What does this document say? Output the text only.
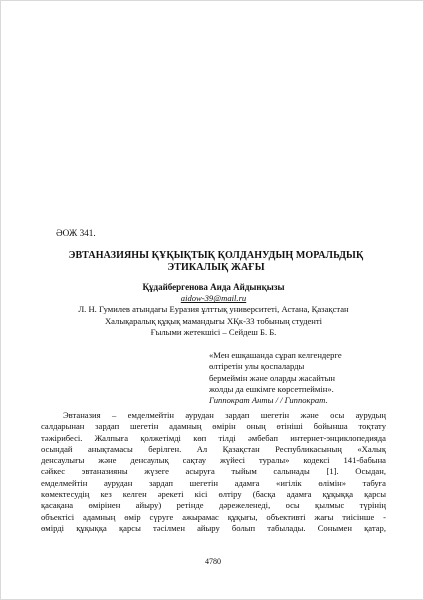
ӘОЖ 341.
ЭВТАНАЗИЯНЫ ҚҰҚЫҚТЫҚ ҚОЛДАНУДЫҢ МОРАЛЬДЫҚ
ЭТИКАЛЫҚ ЖАҒЫ
Құдайбергенова Аида Айдынқызы
aidow-39@mail.ru
Л. Н. Гумилев атындағы Еуразия ұлттық университеті, Астана, Қазақстан
Халықаралық құқық мамандығы ХҚк-33 тобының студенті
Ғылыми жетекшісі – Сейдеш Б. Б.
«Мен ешқашанда сұрап келгендерге
өлтіретін улы қоспаларды
бермеймін және оларды жасайтын
жолды да ешкімге көрсетпеймін».
Гиппократ Анты / / Гиппократ.
Эвтаназия – емделмейтін аурудан зардап шегетін және осы аурудың
салдарынан зардап шегетін адамның өмірін оның өтініші бойынша тоқтату
тәжірибесі. Жалпыға қолжетімді көп тілді әмбебап интернет-энциклопедияда
осындай анықтамасы берілген. Ал Қазақстан Республикасының «Халық
денсаулығы және денсаулық сақтау жүйесі туралы» кодексі 141-бабына
сәйкес эвтаназияны жүзеге асыруға тыйым салынады [1]. Осыдан,
емделмейтін аурудан зардап шегетін адамға «игілік өлімін» табуға
көмектесудің кез келген әрекеті кісі өлтіру (басқа адамға құқыққа қарсы
қасақана өмірінен айыру) ретінде дәрежеленеді, осы қылмыс түрінің
объектісі адамның өмір сүруге ажырамас құқығы, объективті жағы тиісінше -
өмірді құқыққа қарсы тәсілмен айыру болып табылады. Сонымен қатар,
4780
